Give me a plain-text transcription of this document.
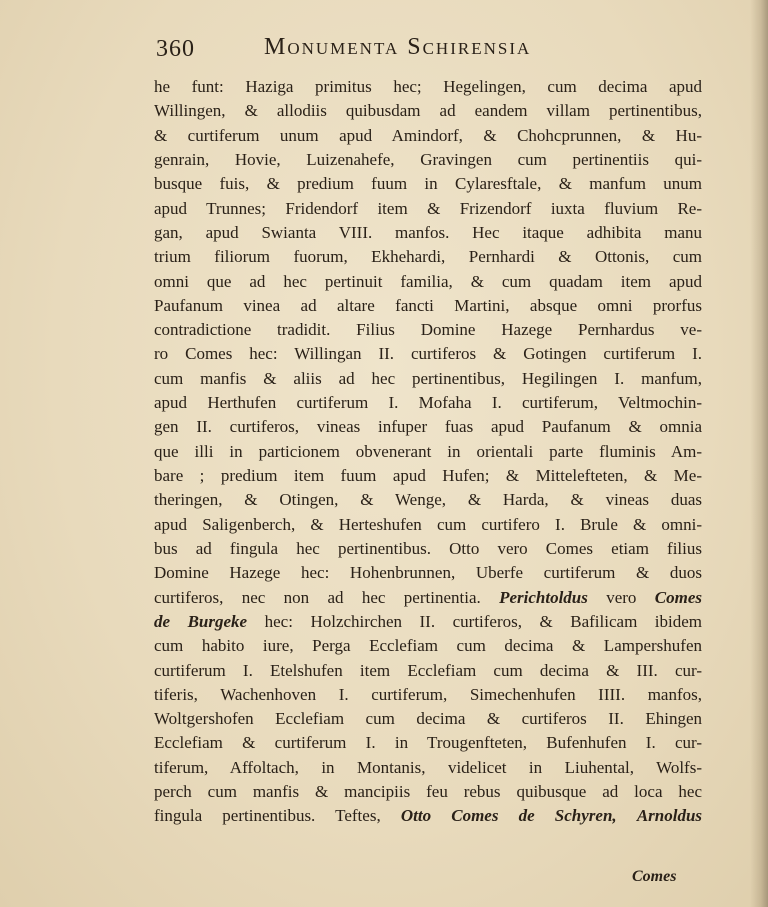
360	Monumenta Schirensia
he funt: Haziga primitus hec; Hegelingen, cum decima apud
Willingen, & allodiis quibusdam ad eandem villam pertinentibus,
& curtiferum unum apud Amindorf, & Chohcprunnen, & Hu-
genrain, Hovie, Luizenahefe, Gravingen cum pertinentiis qui-
busque fuis, & predium fuum in Cylaresftale, & manfum unum
apud Trunnes; Fridendorf item & Frizendorf iuxta fluvium Re-
gan, apud Swianta VIII. manfos. Hec itaque adhibita manu
trium filiorum fuorum, Ekhehardi, Pernhardi & Ottonis, cum
omni que ad hec pertinuit familia, & cum quadam item apud
Paufanum vinea ad altare fancti Martini, absque omni prorfus
contradictione tradidit. Filius Domine Hazege Pernhardus ve-
ro Comes hec: Willingan II. curtiferos & Gotingen curtiferum I.
cum manfis & aliis ad hec pertinentibus, Hegilingen I. manfum,
apud Herthufen curtiferum I. Mofaha I. curtiferum, Veltmochin-
gen II. curtiferos, vineas infuper fuas apud Paufanum & omnia
que illi in particionem obvenerant in orientali parte fluminis Am-
bare ; predium item fuum apud Hufen; & Mittelefteten, & Me-
theringen, & Otingen, & Wenge, & Harda, & vineas duas
apud Saligenberch, & Herteshufen cum curtifero I. Brule & omni-
bus ad fingula hec pertinentibus. Otto vero Comes etiam filius
Domine Hazege hec: Hohenbrunnen, Uberfe curtiferum & duos
curtiferos, nec non ad hec pertinentia. Perichtoldus vero Comes
de Burgeke hec: Holzchirchen II. curtiferos, & Bafilicam ibidem
cum habito iure, Perga Ecclefiam cum decima & Lampershufen
curtiferum I. Etelshufen item Ecclefiam cum decima & III. cur-
tiferis, Wachenhoven I. curtiferum, Simechenhufen IIII. manfos,
Woltgershofen Ecclefiam cum decima & curtiferos II. Ehingen
Ecclefiam & curtiferum I. in Trougenfteten, Bufenhufen I. cur-
tiferum, Affoltach, in Montanis, videlicet in Liuhental, Wolfs-
perch cum manfis & mancipiis feu rebus quibusque ad loca hec
fingula pertinentibus. Teftes, Otto Comes de Schyren, Arnoldus
Comes
